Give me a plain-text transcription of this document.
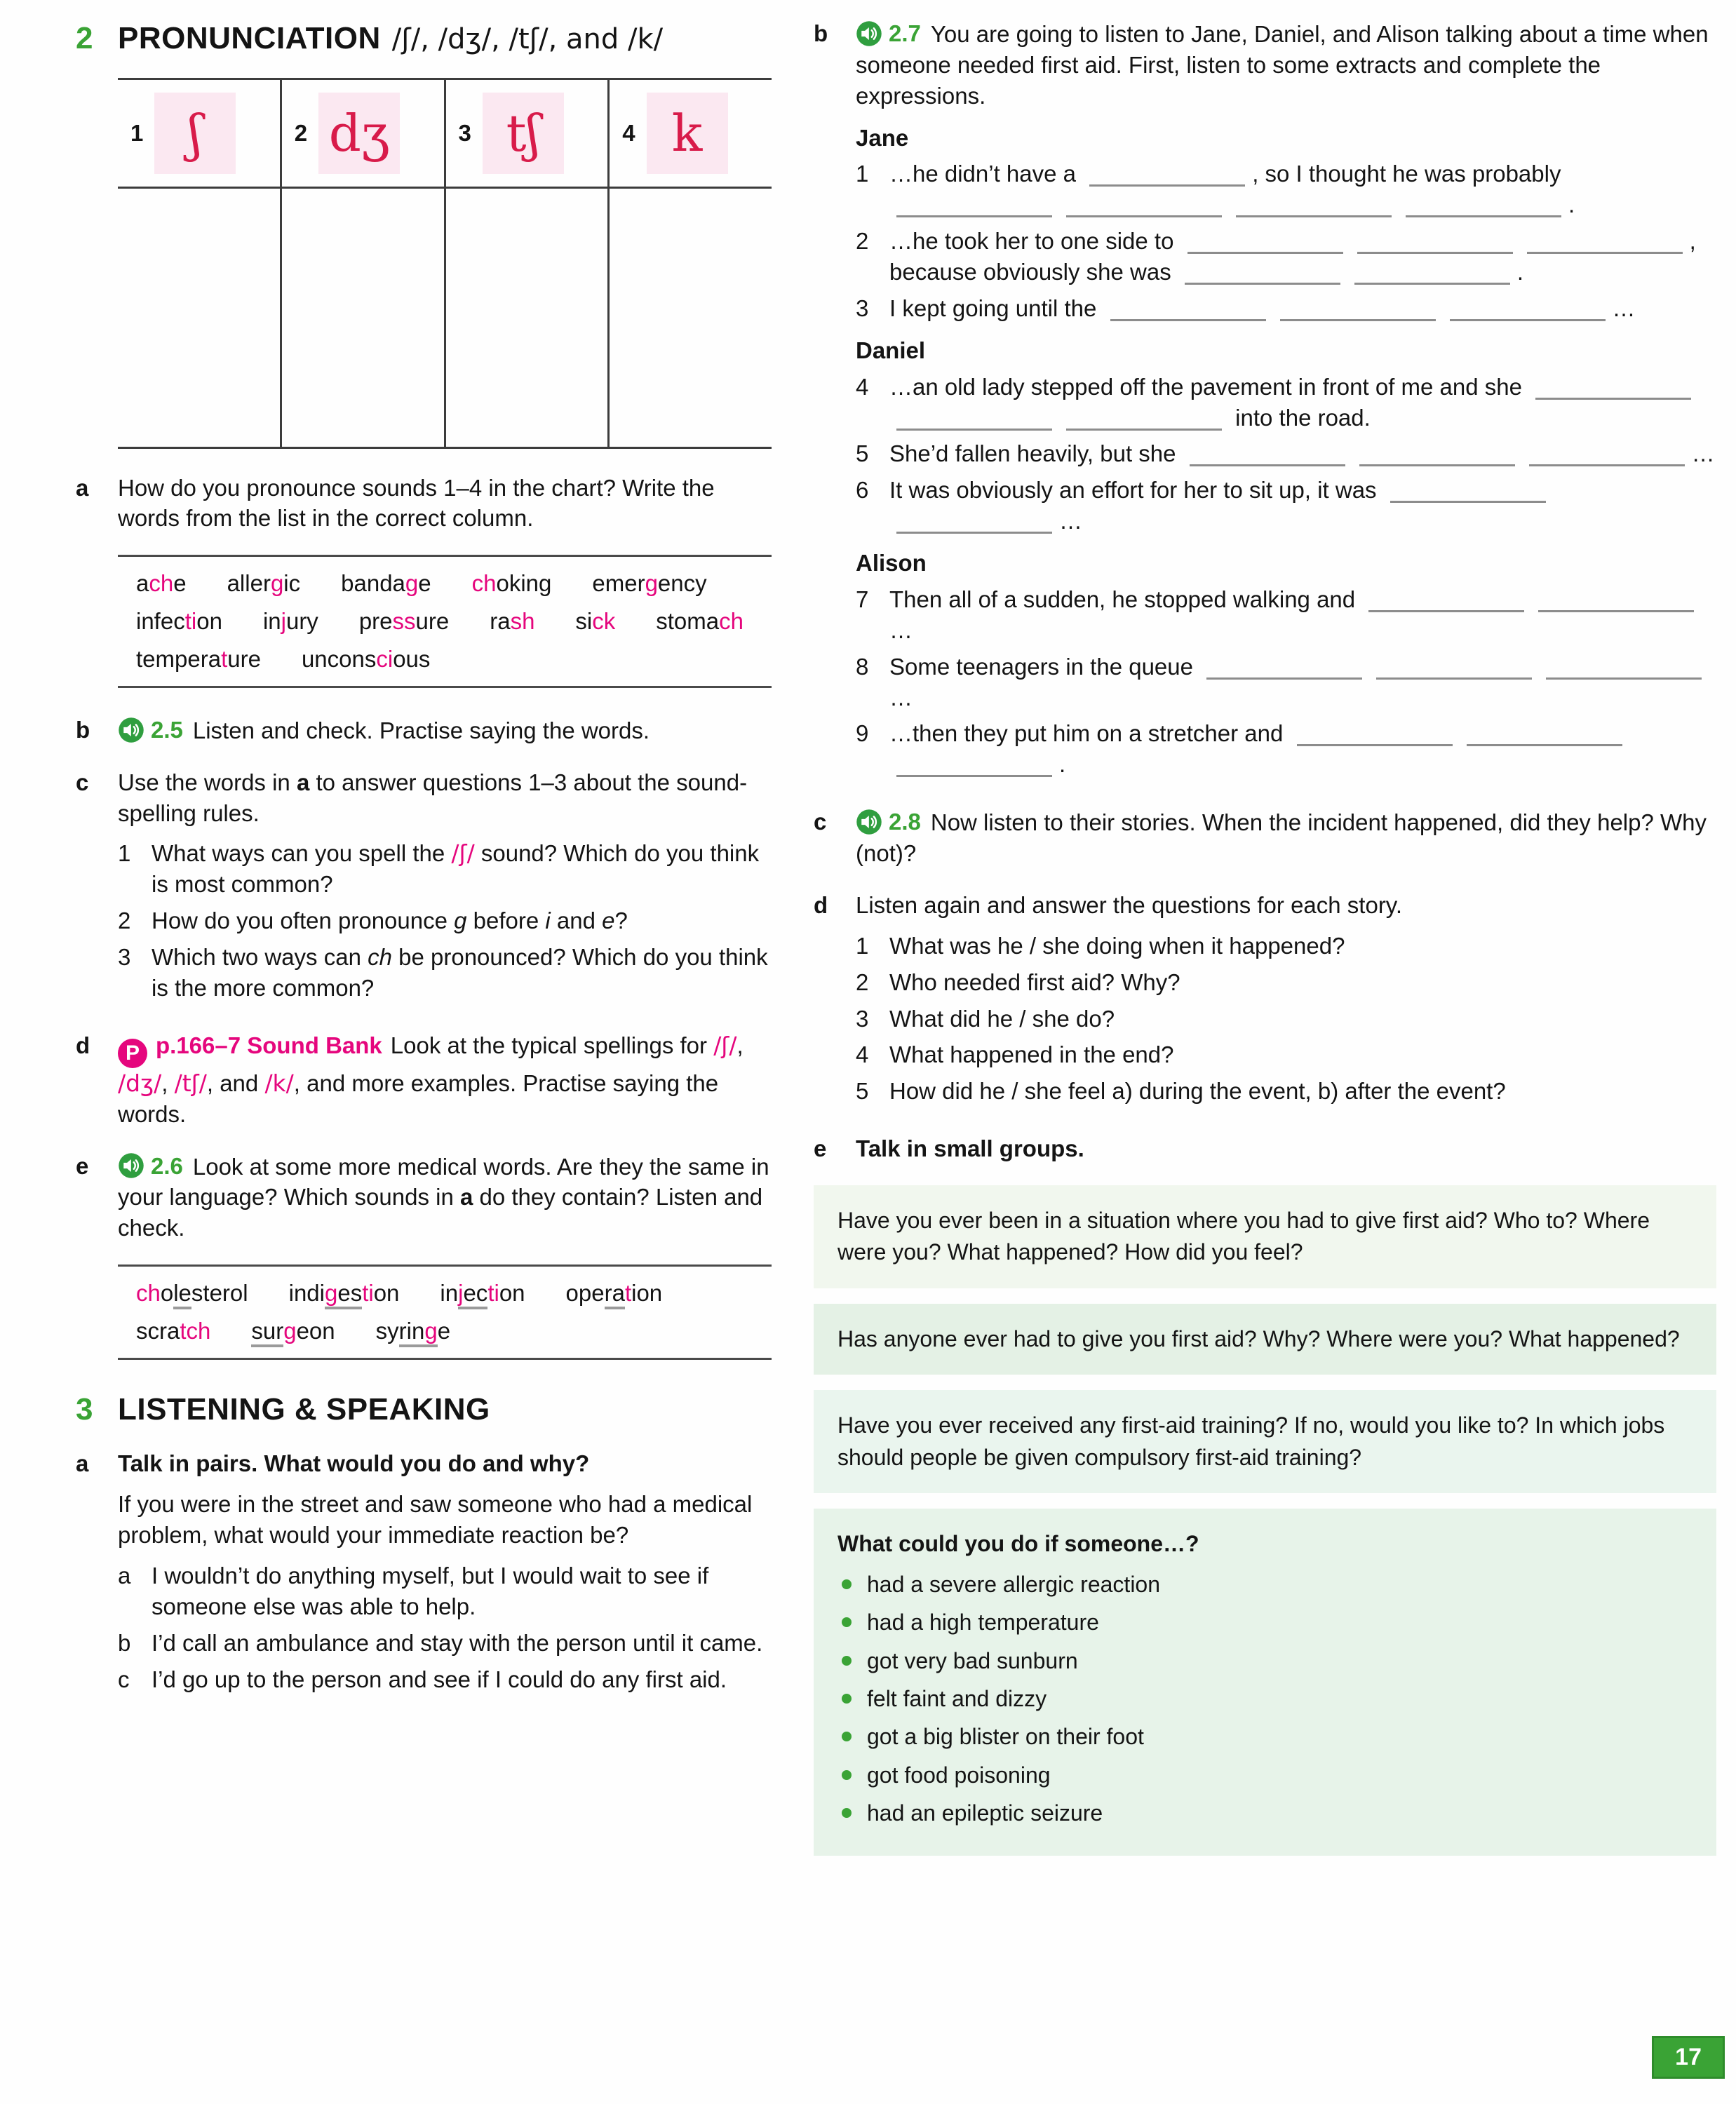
2 PRONUNCIATION /ʃ/, /dʒ/, /tʃ/, and /k/
1 ʃ	2 dʒ	3 tʃ	4 k
a	How do you pronounce sounds 1–4 in the chart? Write the words from the list in the correct column.

ache allergic bandage choking emergency
infection injury pressure rash sick stomach
temperature unconscious
b	2.5 Listen and check. Practise saying the words.

c	Use the words in a to answer questions 1–3 about the sound-spelling rules.

1 What ways can you spell the /ʃ/ sound? Which do you think is most common?
2 How do you often pronounce g before i and e?
3 Which two ways can ch be pronounced? Which do you think is the more common?
d	P p.166–7 Sound Bank Look at the typical spellings for /ʃ/, /dʒ/, /tʃ/, and /k/, and more examples. Practise saying the words.

e	2.6 Look at some more medical words. Are they the same in your language? Which sounds in a do they contain? Listen and check.

cholesterol indigestion injection operation
scratch surgeon syringe
3 LISTENING & SPEAKING
a	Talk in pairs. What would you do and why?

If you were in the street and saw someone who had a medical problem, what would your immediate reaction be?

a I wouldn’t do anything myself, but I would wait to see if someone else was able to help.
b I’d call an ambulance and stay with the person until it came.
c I’d go up to the person and see if I could do any first aid.
b	2.7 You are going to listen to Jane, Daniel, and Alison talking about a time when someone needed first aid. First, listen to some extracts and complete the expressions.

Jane
1 …he didn’t have a	, so I thought he was probably .
2 …he took her to one side to	, because obviously she was	.
3 I kept going until the	…
Daniel
4 …an old lady stepped off the pavement in front of me and she  into the road.
5 She’d fallen heavily, but she	…
6 It was obviously an effort for her to sit up, it was …
Alison
7 Then all of a sudden, he stopped walking and …
8 Some teenagers in the queue …
9 …then they put him on a stretcher and .
c	2.8 Now listen to their stories. When the incident happened, did they help? Why (not)?

d	Listen again and answer the questions for each story.

1 What was he / she doing when it happened?
2 Who needed first aid? Why?
3 What did he / she do?
4 What happened in the end?
5 How did he / she feel a) during the event, b) after the event?
e	Talk in small groups.

Have you ever been in a situation where you had to give first aid? Who to? Where were you? What happened? How did you feel?

Has anyone ever had to give you first aid? Why? Where were you? What happened?

Have you ever received any first-aid training? If no, would you like to? In which jobs should people be given compulsory first-aid training?

What could you do if someone…?

had a severe allergic reaction
had a high temperature
got very bad sunburn
felt faint and dizzy
got a big blister on their foot
got food poisoning
had an epileptic seizure
17
